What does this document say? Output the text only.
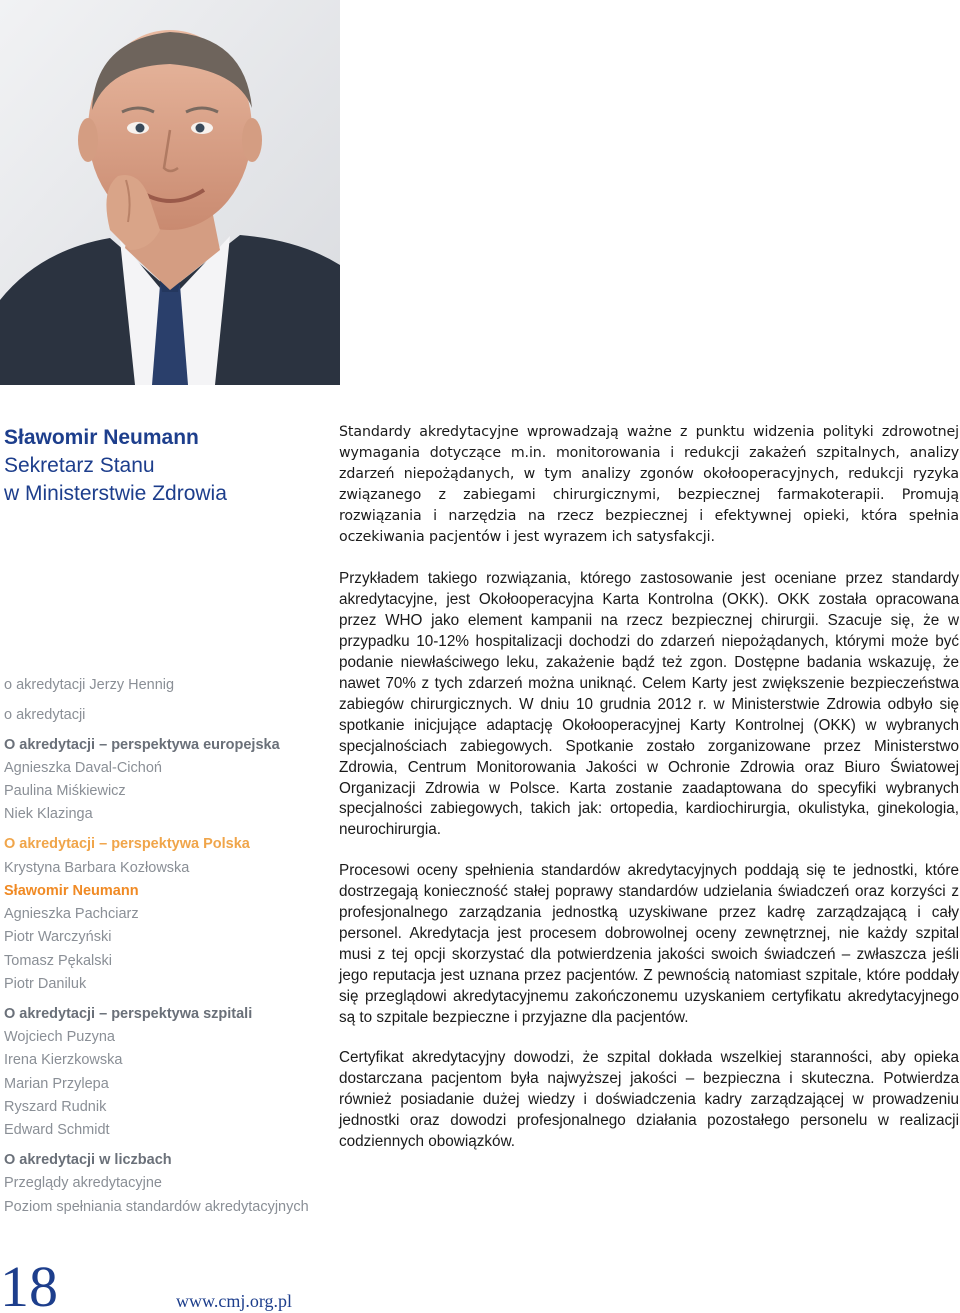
Sławomir Neumann
Sekretarz Stanu
w Ministerstwie Zdrowia

Standardy akredytacyjne wprowadzają ważne z punktu widzenia polityki zdrowotnej wymagania dotyczące m.in. monitorowania i redukcji zakażeń szpitalnych, analizy zdarzeń niepożądanych, w tym analizy zgonów okołooperacyjnych, redukcji ryzyka związanego z zabiegami chirurgicznymi, bezpiecznej farmakoterapii. Promują rozwiązania i narzędzia na rzecz bezpiecznej i efektywnej opieki, która spełnia oczekiwania pacjentów i jest wyrazem ich satysfakcji.

Przykładem takiego rozwiązania, którego zastosowanie jest oceniane przez standardy akredytacyjne, jest Okołooperacyjna Karta Kontrolna (OKK). OKK została opracowana przez WHO jako element kampanii na rzecz bezpiecznej chirurgii. Szacuje się, że w przypadku 10-12% hospitalizacji dochodzi do zdarzeń niepożądanych, którymi może być podanie niewłaściwego leku, zakażenie bądź też zgon. Dostępne badania wskazuję, że nawet 70% z tych zdarzeń można uniknąć. Celem Karty jest zwiększenie bezpieczeństwa zabiegów chirurgicznych. W dniu 10 grudnia 2012 r. w Ministerstwie Zdrowia odbyło się spotkanie inicjujące adaptację Okołooperacyjnej Karty Kontrolnej (OKK) w wybranych specjalnościach zabiegowych. Spotkanie zostało zorganizowane przez Ministerstwo Zdrowia, Centrum Monitorowania Jakości w Ochronie Zdrowia oraz Biuro Światowej Organizacji Zdrowia w Polsce. Karta zostanie zaadaptowana do specyfiki wybranych specjalności zabiegowych, takich jak: ortopedia, kardiochirurgia, okulistyka, ginekologia, neurochirurgia.

Procesowi oceny spełnienia standardów akredytacyjnych poddają się te jednostki, które dostrzegają konieczność stałej poprawy standardów udzielania świadczeń oraz korzyści z profesjonalnego zarządzania jednostką uzyskiwane przez kadrę zarządzającą i cały personel. Akredytacja jest procesem dobrowolnej oceny zewnętrznej, nie każdy szpital musi z tej opcji skorzystać dla potwierdzenia jakości swoich świadczeń – zwłaszcza jeśli jego reputacja jest uznana przez pacjentów. Z pewnością natomiast szpitale, które poddały się przeglądowi akredytacyjnemu zakończonemu uzyskaniem certyfikatu akredytacyjnego są to szpitale bezpieczne i przyjazne dla pacjentów.

Certyfikat akredytacyjny dowodzi, że szpital dokłada wszelkiej staranności, aby opieka dostarczana pacjentom była najwyższej jakości – bezpieczna i skuteczna. Potwierdza również posiadanie dużej wiedzy i doświadczenia kadry zarządzającej w prowadzeniu jednostki oraz dowodzi profesjonalnego działania pozostałego personelu w realizacji codziennych obowiązków.

o akredytacji Jerzy Hennig
o akredytacji
O akredytacji – perspektywa europejska
Agnieszka Daval-Cichoń
Paulina Miśkiewicz
Niek Klazinga
O akredytacji – perspektywa Polska
Krystyna Barbara Kozłowska
Sławomir Neumann
Agnieszka Pachciarz
Piotr Warczyński
Tomasz Pękalski
Piotr Daniluk
O akredytacji – perspektywa szpitali
Wojciech Puzyna
Irena Kierzkowska
Marian Przylepa
Ryszard Rudnik
Edward Schmidt
O akredytacji w liczbach
Przeglądy akredytacyjne
Poziom spełniania standardów akredytacyjnych
18	www.cmj.org.pl
